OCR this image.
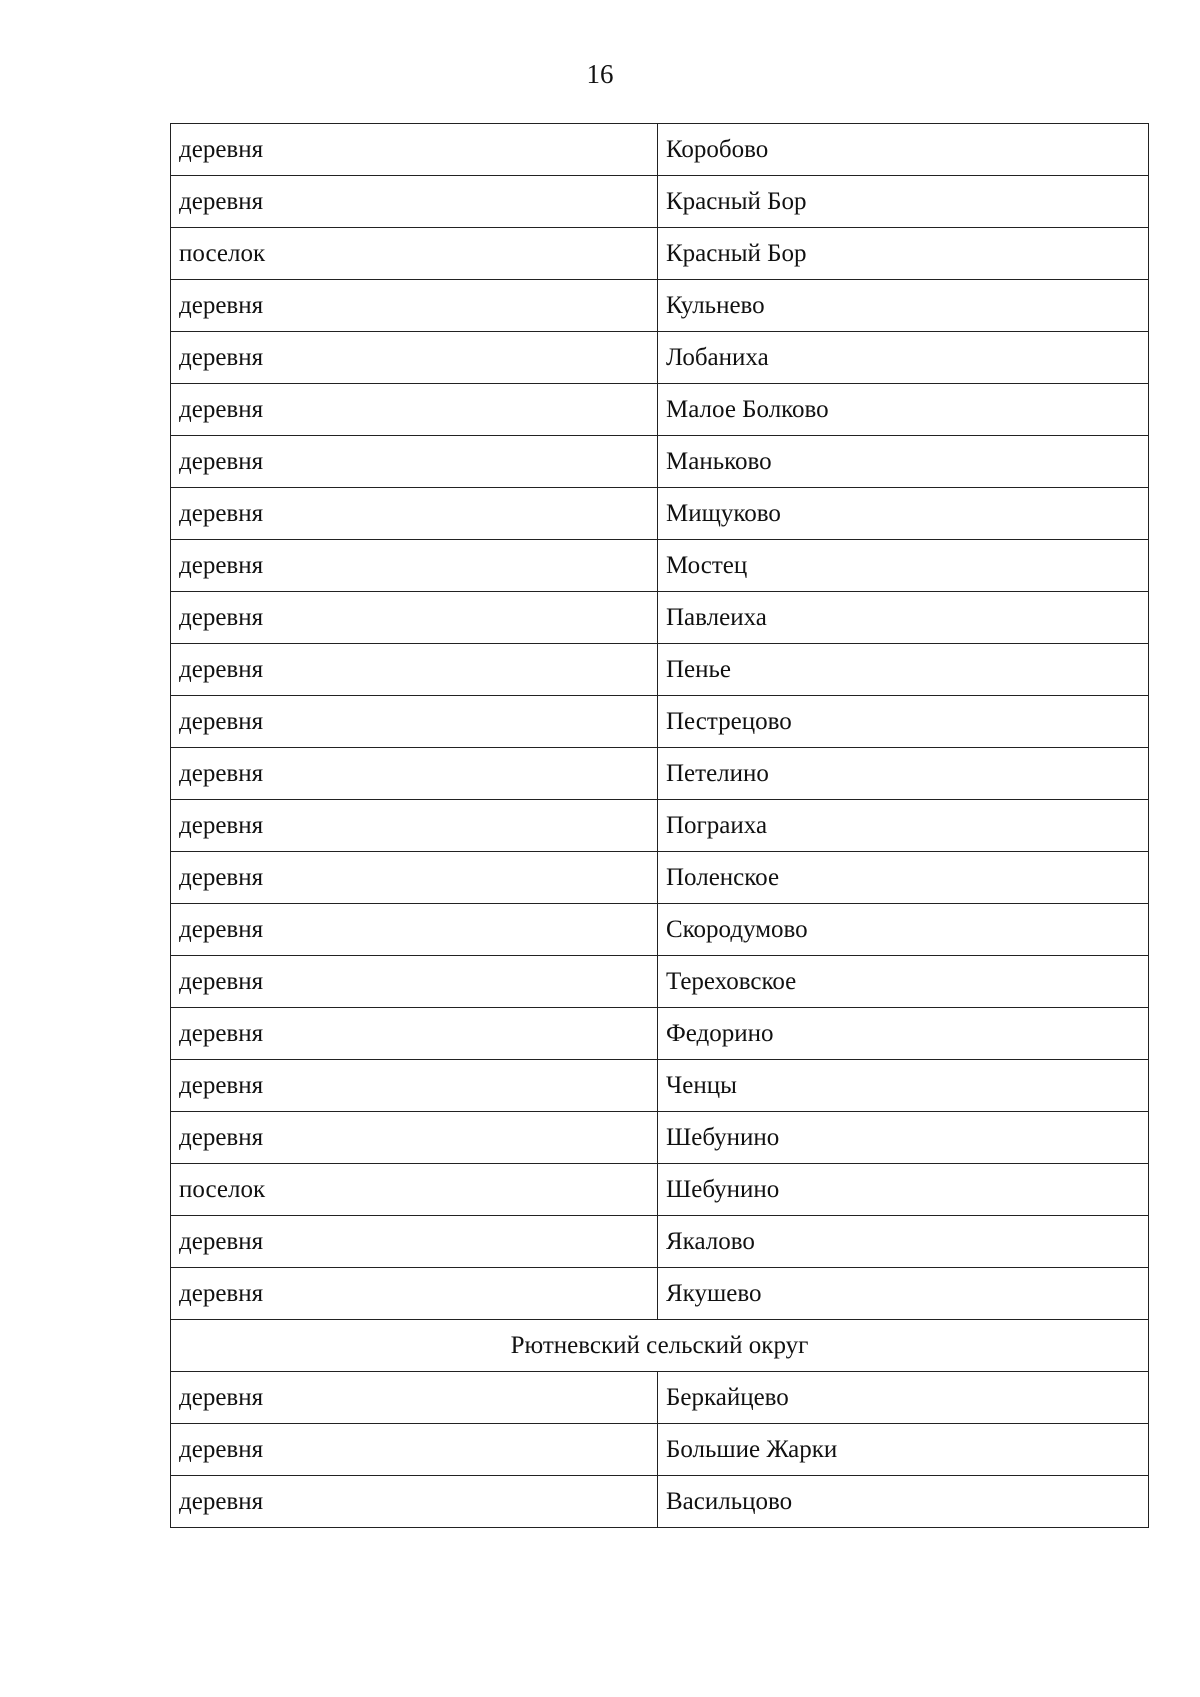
16
деревня	Коробово
деревня	Красный Бор
поселок	Красный Бор
деревня	Кульнево
деревня	Лобаниха
деревня	Малое Болково
деревня	Маньково
деревня	Мищуково
деревня	Мостец
деревня	Павлеиха
деревня	Пенье
деревня	Пестрецово
деревня	Петелино
деревня	Пограиха
деревня	Поленское
деревня	Скородумово
деревня	Тереховское
деревня	Федорино
деревня	Ченцы
деревня	Шебунино
поселок	Шебунино
деревня	Якалово
деревня	Якушево
Рютневский сельский округ	
деревня	Беркайцево
деревня	Большие Жарки
деревня	Васильцово
